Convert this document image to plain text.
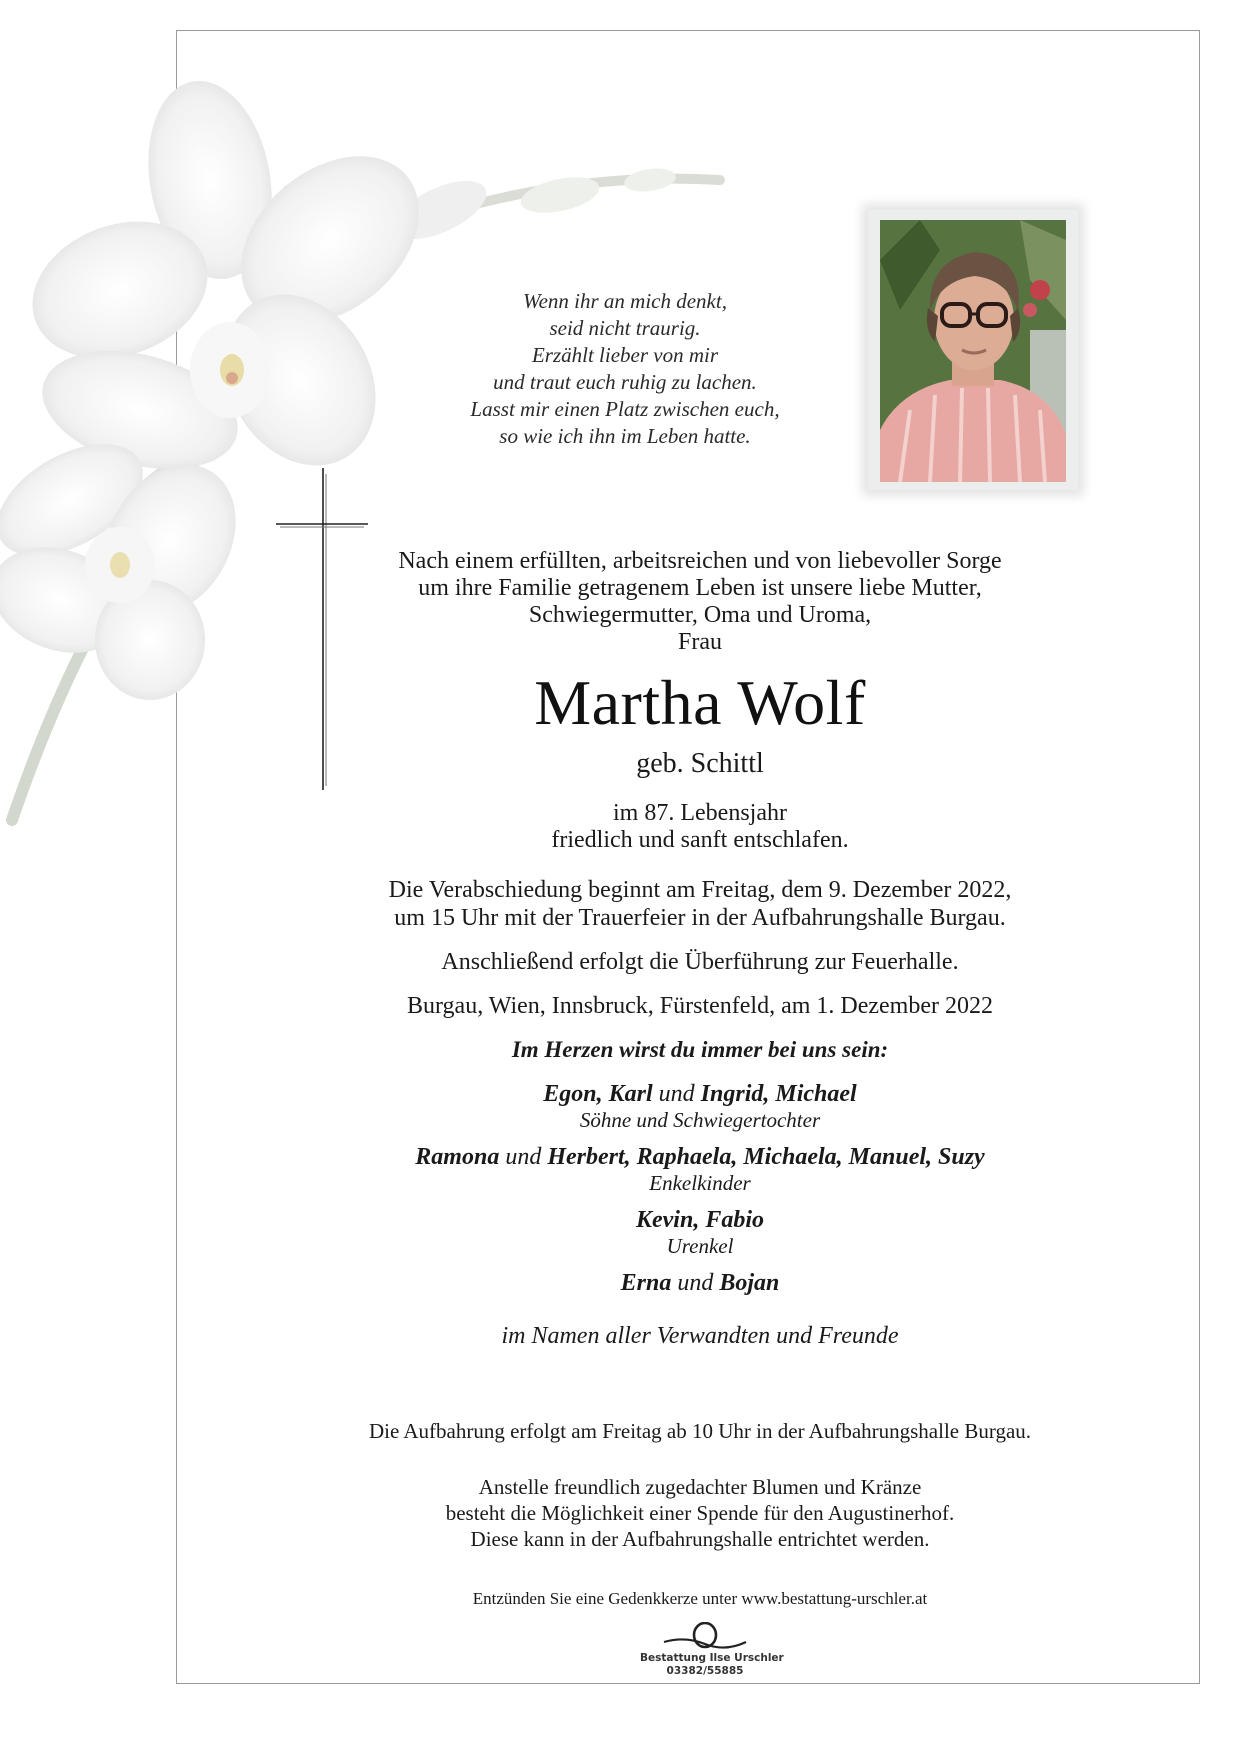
Wenn ihr an mich denkt,
seid nicht traurig.
Erzählt lieber von mir
und traut euch ruhig zu lachen.
Lasst mir einen Platz zwischen euch,
so wie ich ihn im Leben hatte.
Nach einem erfüllten, arbeitsreichen und von liebevoller Sorge
um ihre Familie getragenem Leben ist unsere liebe Mutter,
Schwiegermutter, Oma und Uroma,
Frau
Martha Wolf
geb. Schittl
im 87. Lebensjahr
friedlich und sanft entschlafen.
Die Verabschiedung beginnt am Freitag, dem 9. Dezember 2022,
um 15 Uhr mit der Trauerfeier in der Aufbahrungshalle Burgau.
Anschließend erfolgt die Überführung zur Feuerhalle.
Burgau, Wien, Innsbruck, Fürstenfeld, am 1. Dezember 2022
Im Herzen wirst du immer bei uns sein:
Egon, Karl und Ingrid, Michael
Söhne und Schwiegertochter
Ramona und Herbert, Raphaela, Michaela, Manuel, Suzy
Enkelkinder
Kevin, Fabio
Urenkel
Erna und Bojan
im Namen aller Verwandten und Freunde
Die Aufbahrung erfolgt am Freitag ab 10 Uhr in der Aufbahrungshalle Burgau.
Anstelle freundlich zugedachter Blumen und Kränze
besteht die Möglichkeit einer Spende für den Augustinerhof.
Diese kann in der Aufbahrungshalle entrichtet werden.
Entzünden Sie eine Gedenkkerze unter www.bestattung-urschler.at
Bestattung Ilse Urschler
03382/55885
